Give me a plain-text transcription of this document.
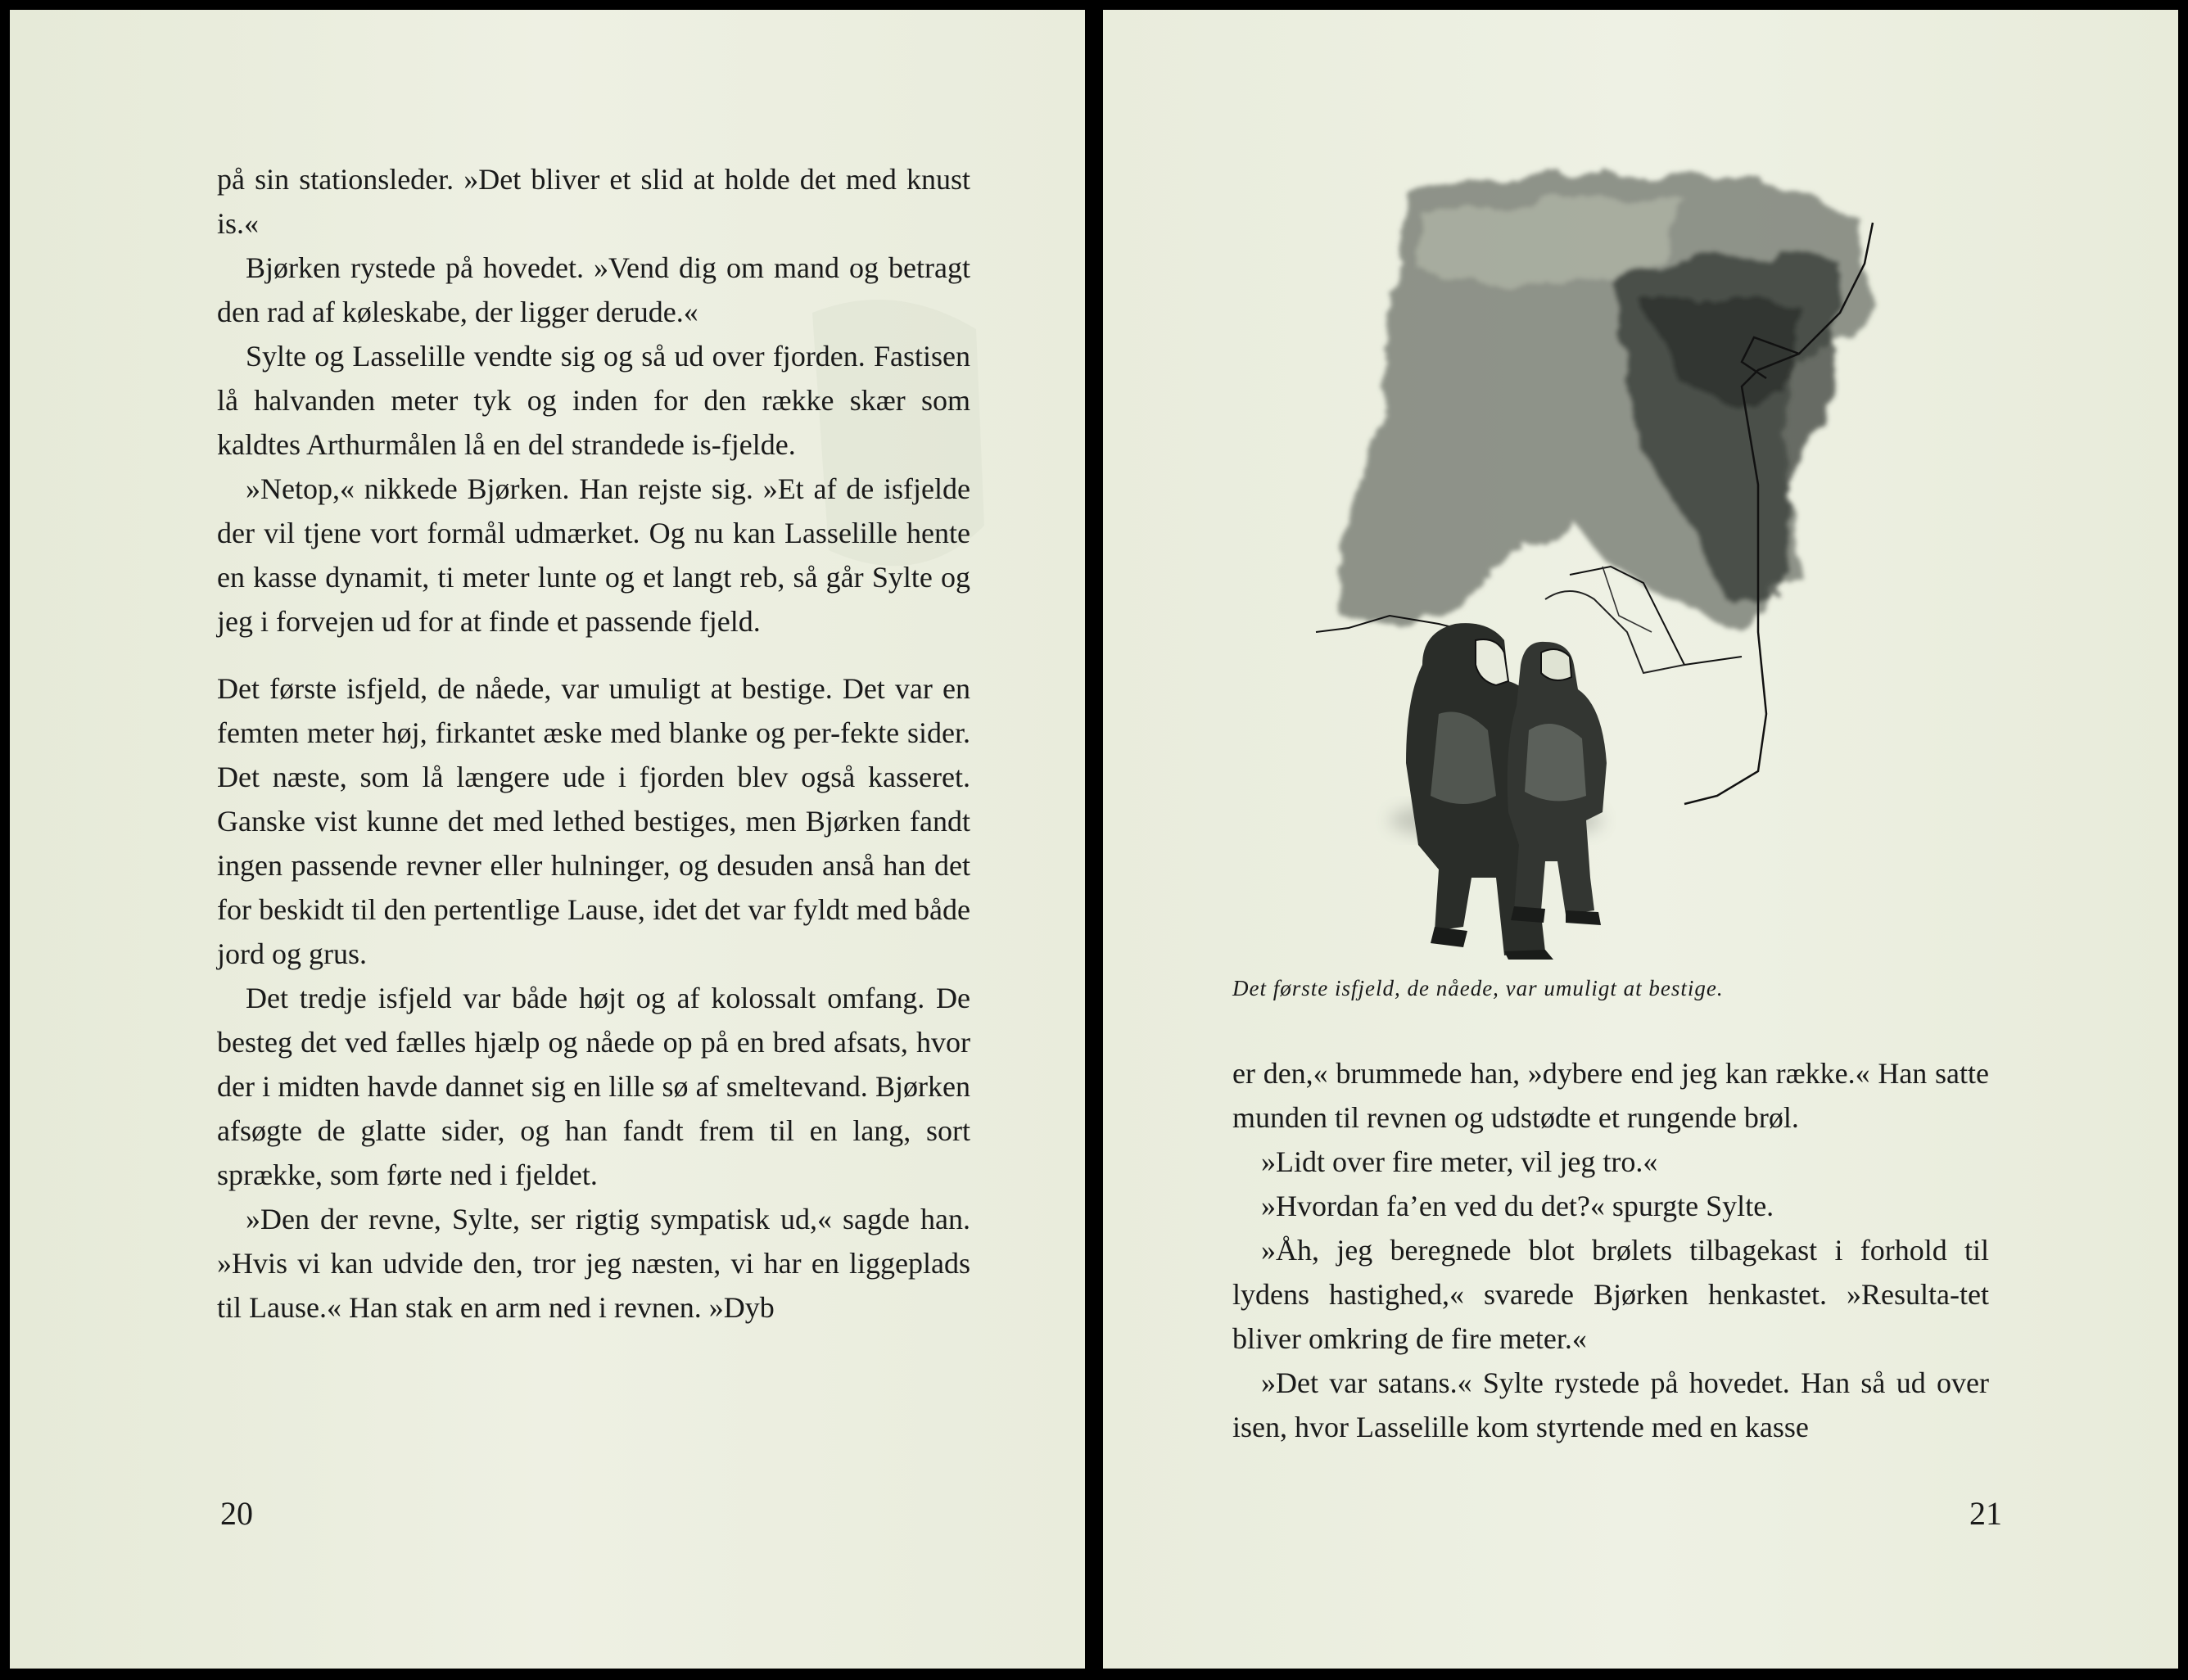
på sin stationsleder. »Det bliver et slid at holde det med knust is.«

Bjørken rystede på hovedet. »Vend dig om mand og betragt den rad af køleskabe, der ligger derude.«

Sylte og Lasselille vendte sig og så ud over fjorden. Fastisen lå halvanden meter tyk og inden for den række skær som kaldtes Arthurmålen lå en del strandede is-fjelde.

»Netop,« nikkede Bjørken. Han rejste sig. »Et af de isfjelde der vil tjene vort formål udmærket. Og nu kan Lasselille hente en kasse dynamit, ti meter lunte og et langt reb, så går Sylte og jeg i forvejen ud for at finde et passende fjeld.

Det første isfjeld, de nåede, var umuligt at bestige. Det var en femten meter høj, firkantet æske med blanke og per-fekte sider. Det næste, som lå længere ude i fjorden blev også kasseret. Ganske vist kunne det med lethed bestiges, men Bjørken fandt ingen passende revner eller hulninger, og desuden anså han det for beskidt til den pertentlige Lause, idet det var fyldt med både jord og grus.

Det tredje isfjeld var både højt og af kolossalt omfang. De besteg det ved fælles hjælp og nåede op på en bred afsats, hvor der i midten havde dannet sig en lille sø af smeltevand. Bjørken afsøgte de glatte sider, og han fandt frem til en lang, sort sprække, som førte ned i fjeldet.

»Den der revne, Sylte, ser rigtig sympatisk ud,« sagde han. »Hvis vi kan udvide den, tror jeg næsten, vi har en liggeplads til Lause.« Han stak en arm ned i revnen. »Dyb

20
Det første isfjeld, de nåede, var umuligt at bestige.

er den,« brummede han, »dybere end jeg kan række.« Han satte munden til revnen og udstødte et rungende brøl.

»Lidt over fire meter, vil jeg tro.«

»Hvordan fa’en ved du det?« spurgte Sylte.

»Åh, jeg beregnede blot brølets tilbagekast i forhold til lydens hastighed,« svarede Bjørken henkastet. »Resulta-tet bliver omkring de fire meter.«

»Det var satans.« Sylte rystede på hovedet. Han så ud over isen, hvor Lasselille kom styrtende med en kasse

21
